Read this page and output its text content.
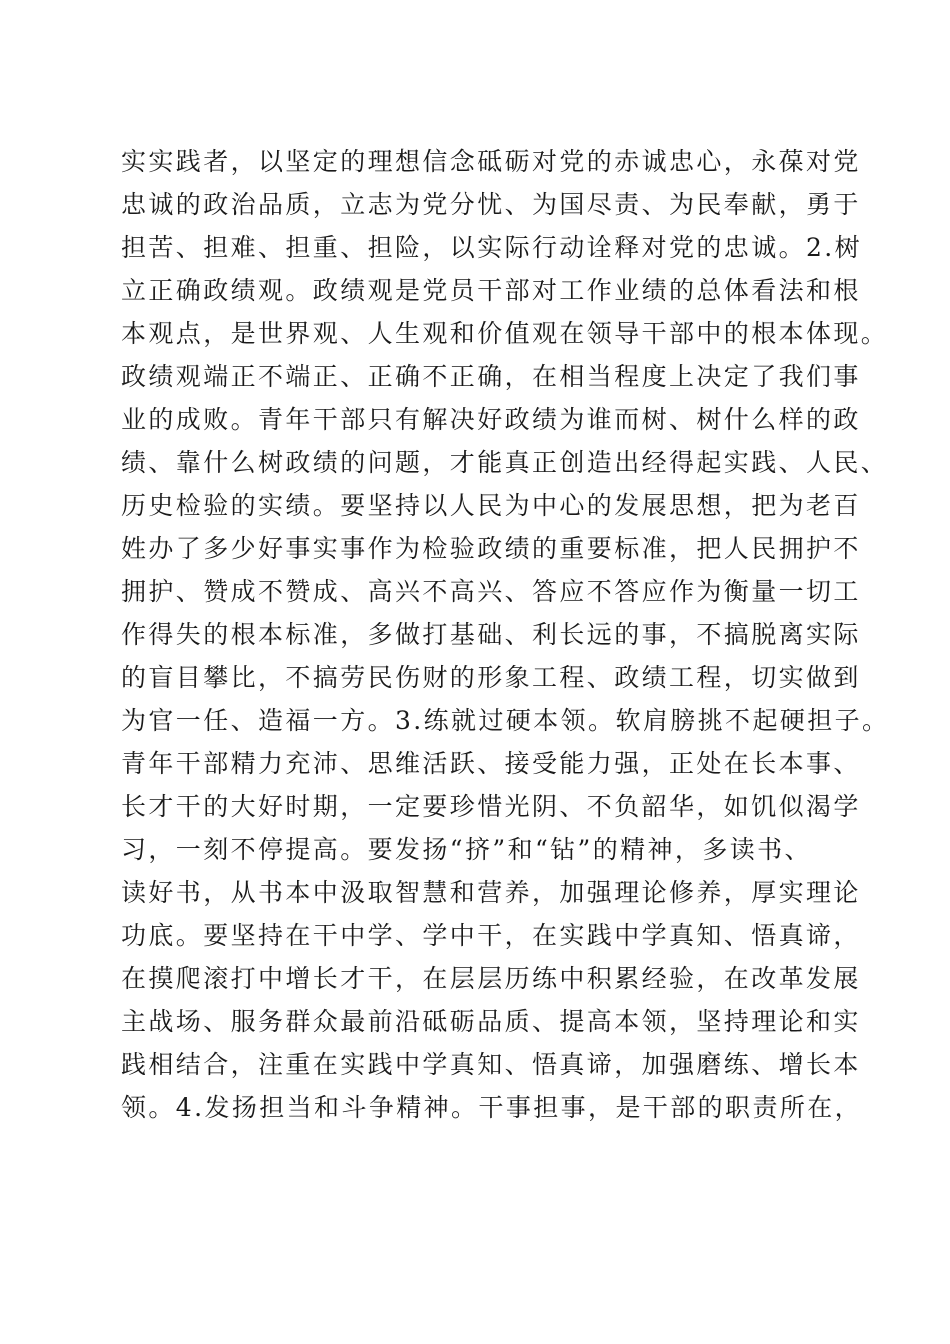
实实践者，以坚定的理想信念砥砺对党的赤诚忠心，永葆对党
忠诚的政治品质，立志为党分忧、为国尽责、为民奉献，勇于
担苦、担难、担重、担险，以实际行动诠释对党的忠诚。2.树
立正确政绩观。政绩观是党员干部对工作业绩的总体看法和根
本观点，是世界观、人生观和价值观在领导干部中的根本体现。
政绩观端正不端正、正确不正确，在相当程度上决定了我们事
业的成败。青年干部只有解决好政绩为谁而树、树什么样的政
绩、靠什么树政绩的问题，才能真正创造出经得起实践、人民、
历史检验的实绩。要坚持以人民为中心的发展思想，把为老百
姓办了多少好事实事作为检验政绩的重要标准，把人民拥护不
拥护、赞成不赞成、高兴不高兴、答应不答应作为衡量一切工
作得失的根本标准，多做打基础、利长远的事，不搞脱离实际
的盲目攀比，不搞劳民伤财的形象工程、政绩工程，切实做到
为官一任、造福一方。3.练就过硬本领。软肩膀挑不起硬担子。
青年干部精力充沛、思维活跃、接受能力强，正处在长本事、
长才干的大好时期，一定要珍惜光阴、不负韶华，如饥似渴学
习，一刻不停提高。要发扬“挤”和“钻”的精神，多读书、
读好书，从书本中汲取智慧和营养，加强理论修养，厚实理论
功底。要坚持在干中学、学中干，在实践中学真知、悟真谛，
在摸爬滚打中增长才干，在层层历练中积累经验，在改革发展
主战场、服务群众最前沿砥砺品质、提高本领，坚持理论和实
践相结合，注重在实践中学真知、悟真谛，加强磨练、增长本
领。4.发扬担当和斗争精神。干事担事，是干部的职责所在，
